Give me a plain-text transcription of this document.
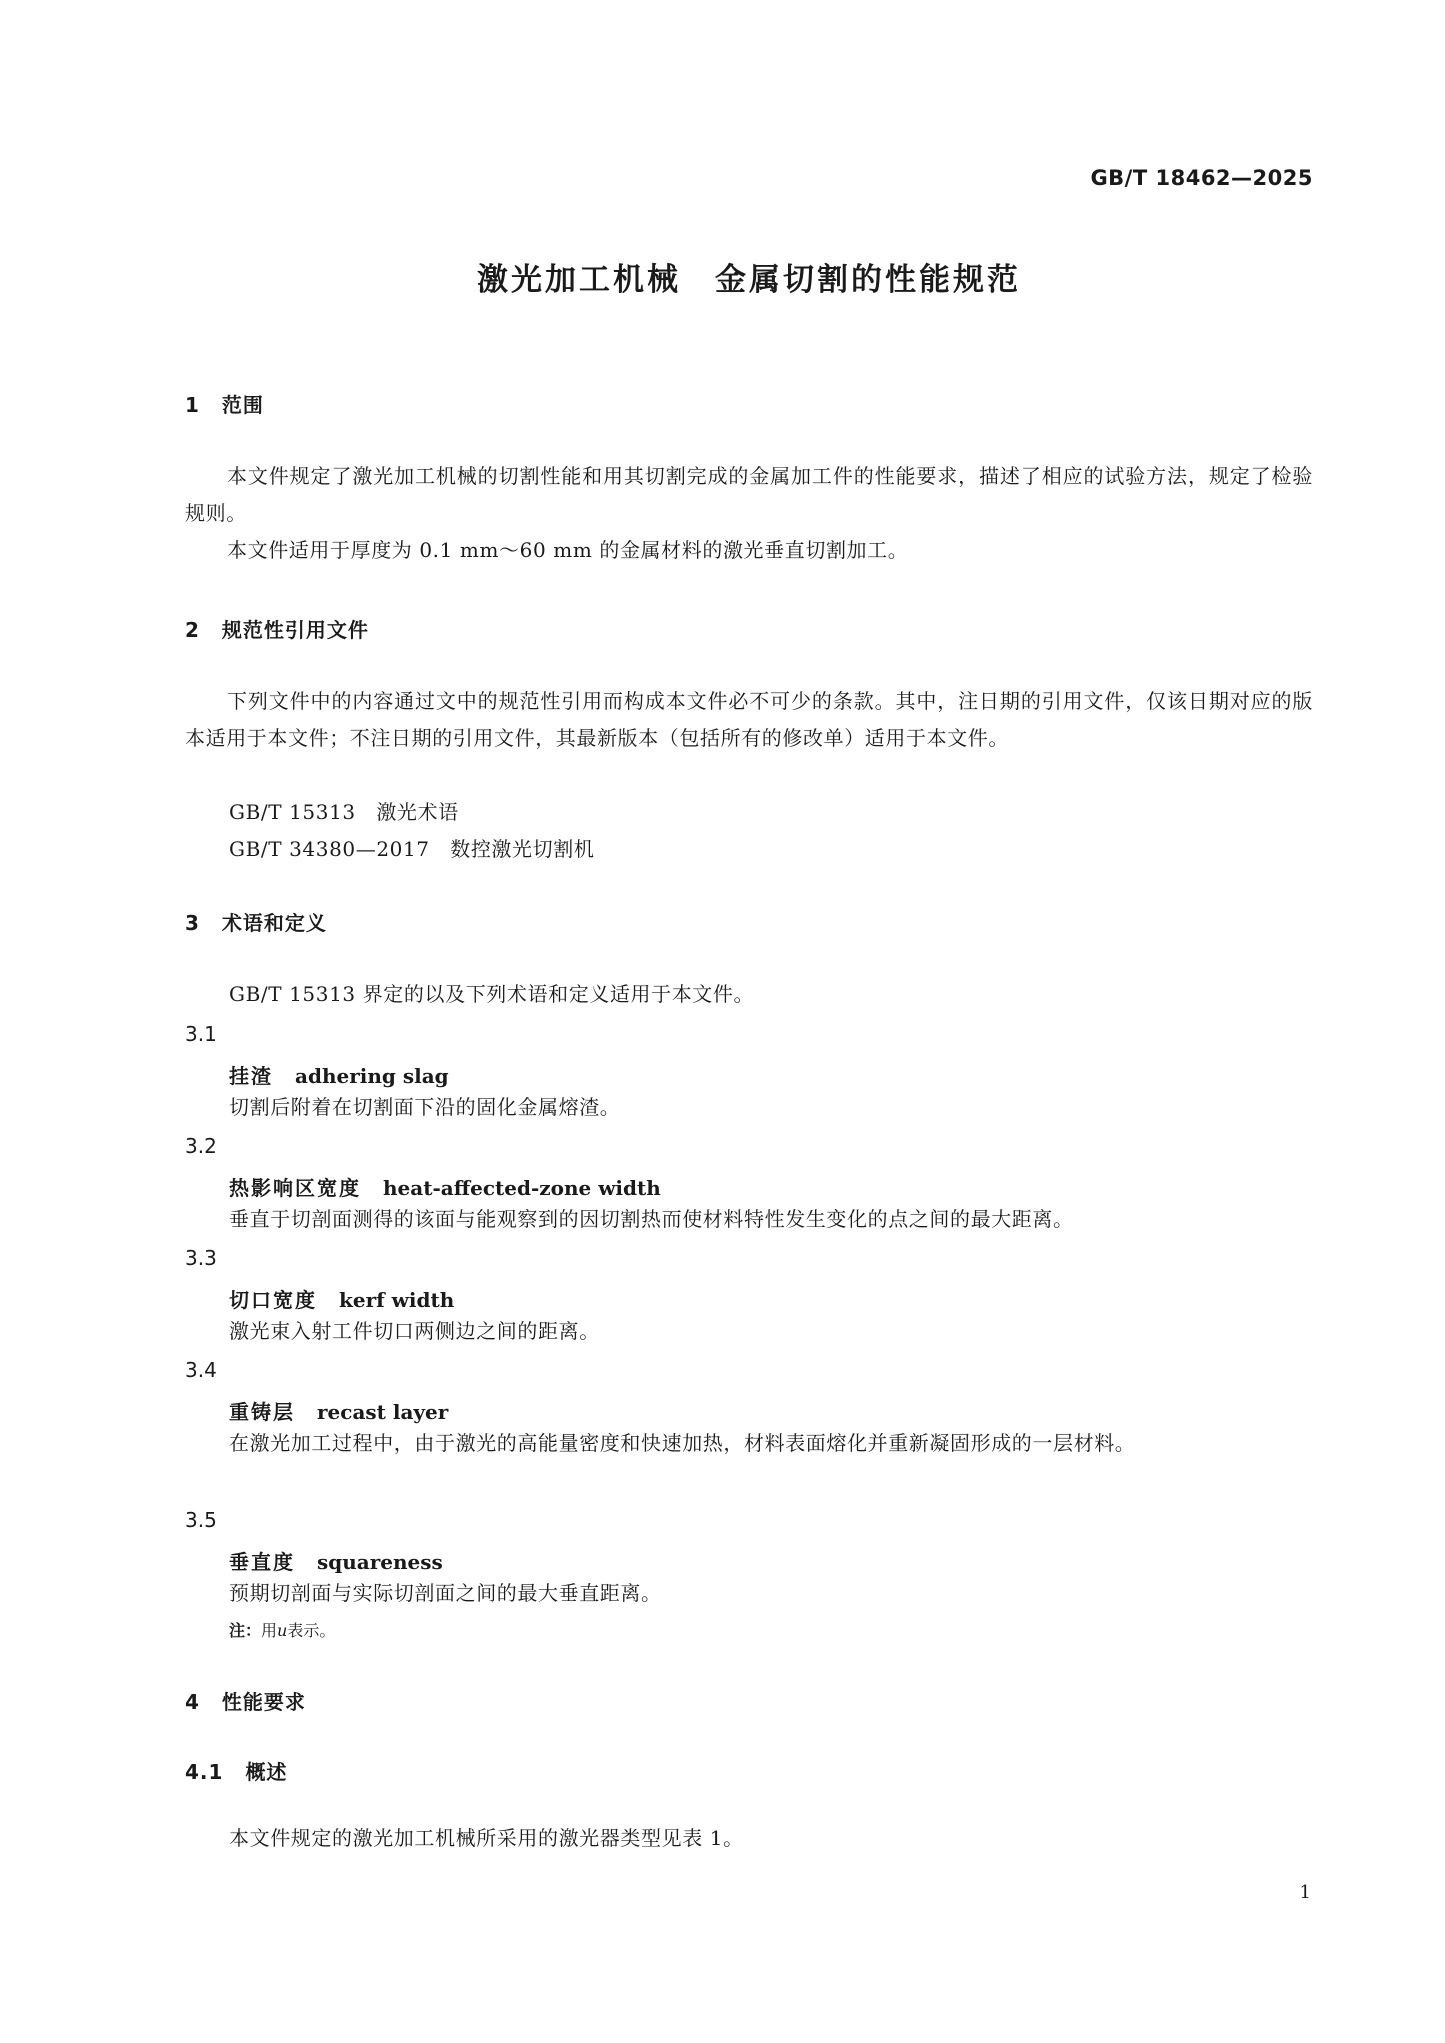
GB/T 18462—2025
激光加工机械　金属切割的性能规范
1 范围
本文件规定了激光加工机械的切割性能和用其切割完成的金属加工件的性能要求，描述了相应的试验方法，规定了检验规则。
本文件适用于厚度为 0.1 mm～60 mm 的金属材料的激光垂直切割加工。
2 规范性引用文件
下列文件中的内容通过文中的规范性引用而构成本文件必不可少的条款。其中，注日期的引用文件，仅该日期对应的版本适用于本文件；不注日期的引用文件，其最新版本（包括所有的修改单）适用于本文件。
GB/T 15313　激光术语
GB/T 34380—2017　数控激光切割机
3 术语和定义
GB/T 15313 界定的以及下列术语和定义适用于本文件。
3.1
挂渣 adhering slag
切割后附着在切割面下沿的固化金属熔渣。
3.2
热影响区宽度 heat-affected-zone width
垂直于切剖面测得的该面与能观察到的因切割热而使材料特性发生变化的点之间的最大距离。
3.3
切口宽度 kerf width
激光束入射工件切口两侧边之间的距离。
3.4
重铸层 recast layer
在激光加工过程中，由于激光的高能量密度和快速加热，材料表面熔化并重新凝固形成的一层材料。
3.5
垂直度 squareness
预期切剖面与实际切剖面之间的最大垂直距离。
注：用u表示。
4 性能要求
4.1 概述
本文件规定的激光加工机械所采用的激光器类型见表 1。
1
